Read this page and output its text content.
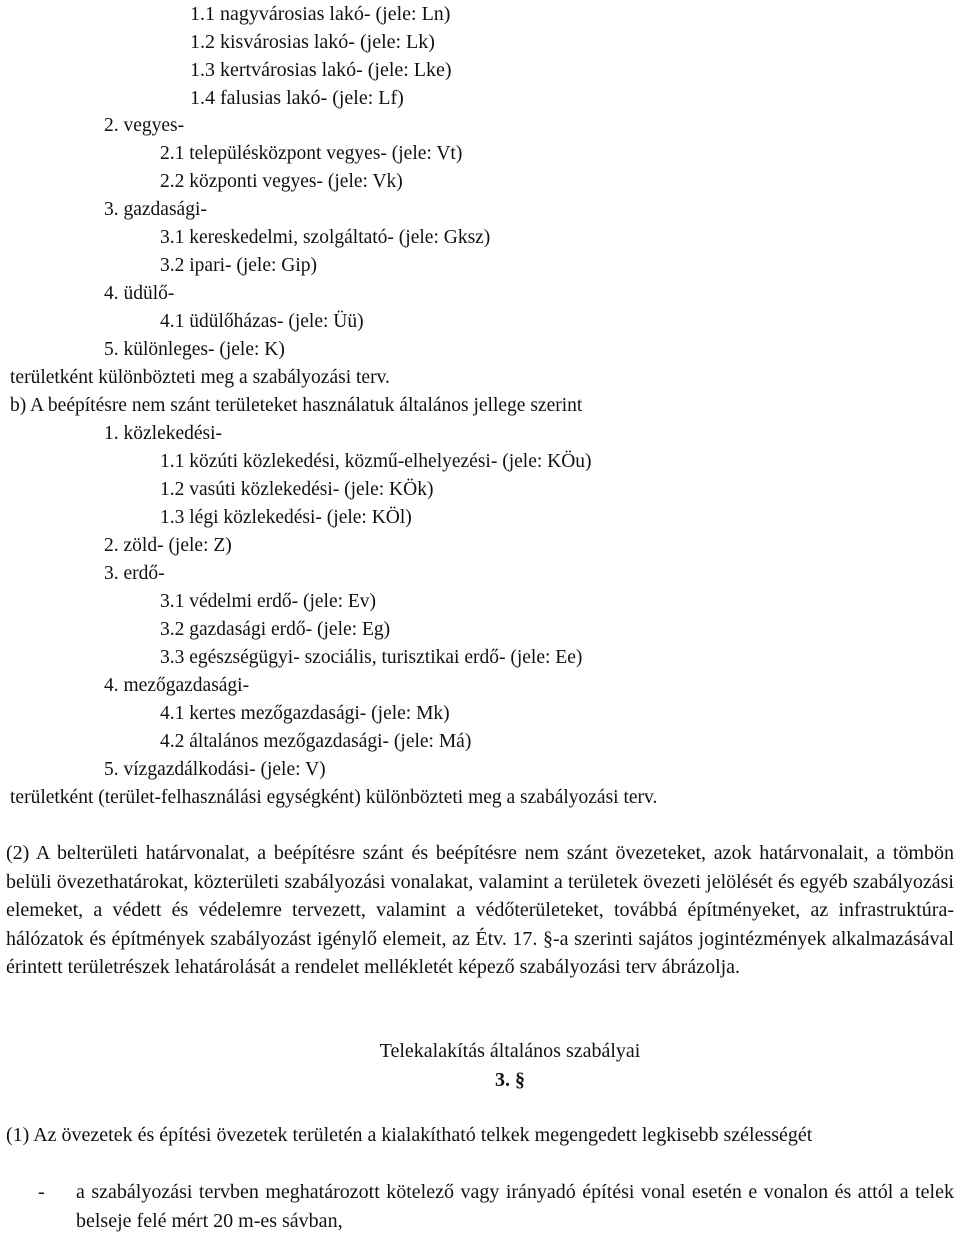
1.1 nagyvárosias lakó- (jele: Ln)
1.2 kisvárosias lakó- (jele: Lk)
1.3 kertvárosias lakó- (jele: Lke)
1.4 falusias lakó- (jele: Lf)
2. vegyes-
2.1 településközpont vegyes- (jele: Vt)
2.2 központi vegyes- (jele: Vk)
3. gazdasági-
3.1 kereskedelmi, szolgáltató- (jele: Gksz)
3.2 ipari- (jele: Gip)
4. üdülő-
4.1 üdülőházas- (jele: Üü)
5. különleges- (jele: K)
területként különbözteti meg a szabályozási terv.
b) A beépítésre nem szánt területeket használatuk általános jellege szerint
1. közlekedési-
1.1 közúti közlekedési, közmű-elhelyezési- (jele: KÖu)
1.2 vasúti közlekedési- (jele: KÖk)
1.3 légi közlekedési- (jele: KÖl)
2. zöld- (jele: Z)
3. erdő-
3.1 védelmi erdő- (jele: Ev)
3.2 gazdasági erdő- (jele: Eg)
3.3 egészségügyi- szociális, turisztikai erdő- (jele: Ee)
4. mezőgazdasági-
4.1 kertes mezőgazdasági- (jele: Mk)
4.2 általános mezőgazdasági- (jele: Má)
5. vízgazdálkodási- (jele: V)
területként (terület-felhasználási egységként) különbözteti meg a szabályozási terv.
(2) A belterületi határvonalat, a beépítésre szánt és beépítésre nem szánt övezeteket, azok határvonalait, a tömbön belüli övezethatárokat, közterületi szabályozási vonalakat, valamint a területek övezeti jelölését és egyéb szabályozási elemeket, a védett és védelemre tervezett, valamint a védőterületeket, továbbá építményeket, az infrastruktúra-hálózatok és építmények szabályozást igénylő elemeit, az Étv. 17. §-a szerinti sajátos jogintézmények alkalmazásával érintett területrészek lehatárolását a rendelet mellékletét képező szabályozási terv ábrázolja.
Telekalakítás általános szabályai
3. §
(1) Az övezetek és építési övezetek területén a kialakítható telkek megengedett legkisebb szélességét
- a szabályozási tervben meghatározott kötelező vagy irányadó építési vonal esetén e vonalon és attól a telek belseje felé mért 20 m-es sávban,
